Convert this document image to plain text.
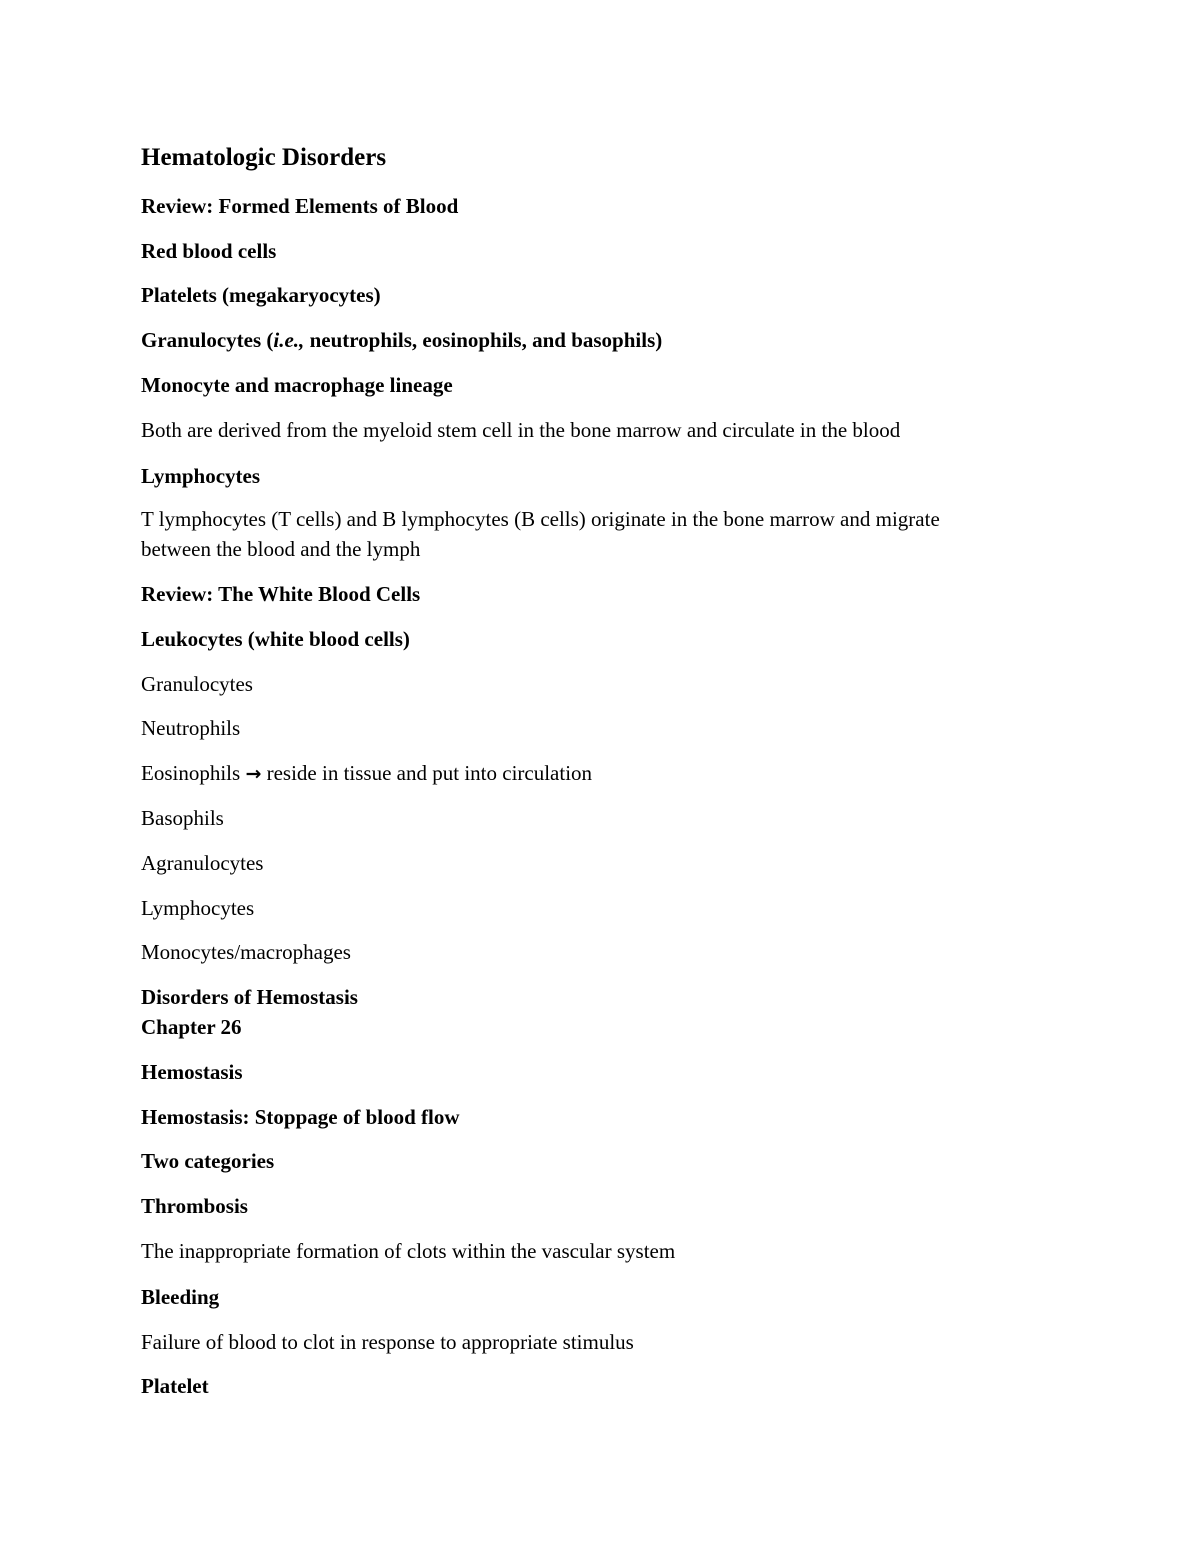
Hematologic Disorders
Review: Formed Elements of Blood
Red blood cells
Platelets (megakaryocytes)
Granulocytes (i.e., neutrophils, eosinophils, and basophils)
Monocyte and macrophage lineage
Both are derived from the myeloid stem cell in the bone marrow and circulate in the blood
Lymphocytes
T lymphocytes (T cells) and B lymphocytes (B cells) originate in the bone marrow and migrate
between the blood and the lymph
Review: The White Blood Cells
Leukocytes (white blood cells)
Granulocytes
Neutrophils
Eosinophils → reside in tissue and put into circulation
Basophils
Agranulocytes
Lymphocytes
Monocytes/macrophages
Disorders of Hemostasis
Chapter 26
Hemostasis
Hemostasis: Stoppage of blood flow
Two categories
Thrombosis
The inappropriate formation of clots within the vascular system
Bleeding
Failure of blood to clot in response to appropriate stimulus
Platelet
